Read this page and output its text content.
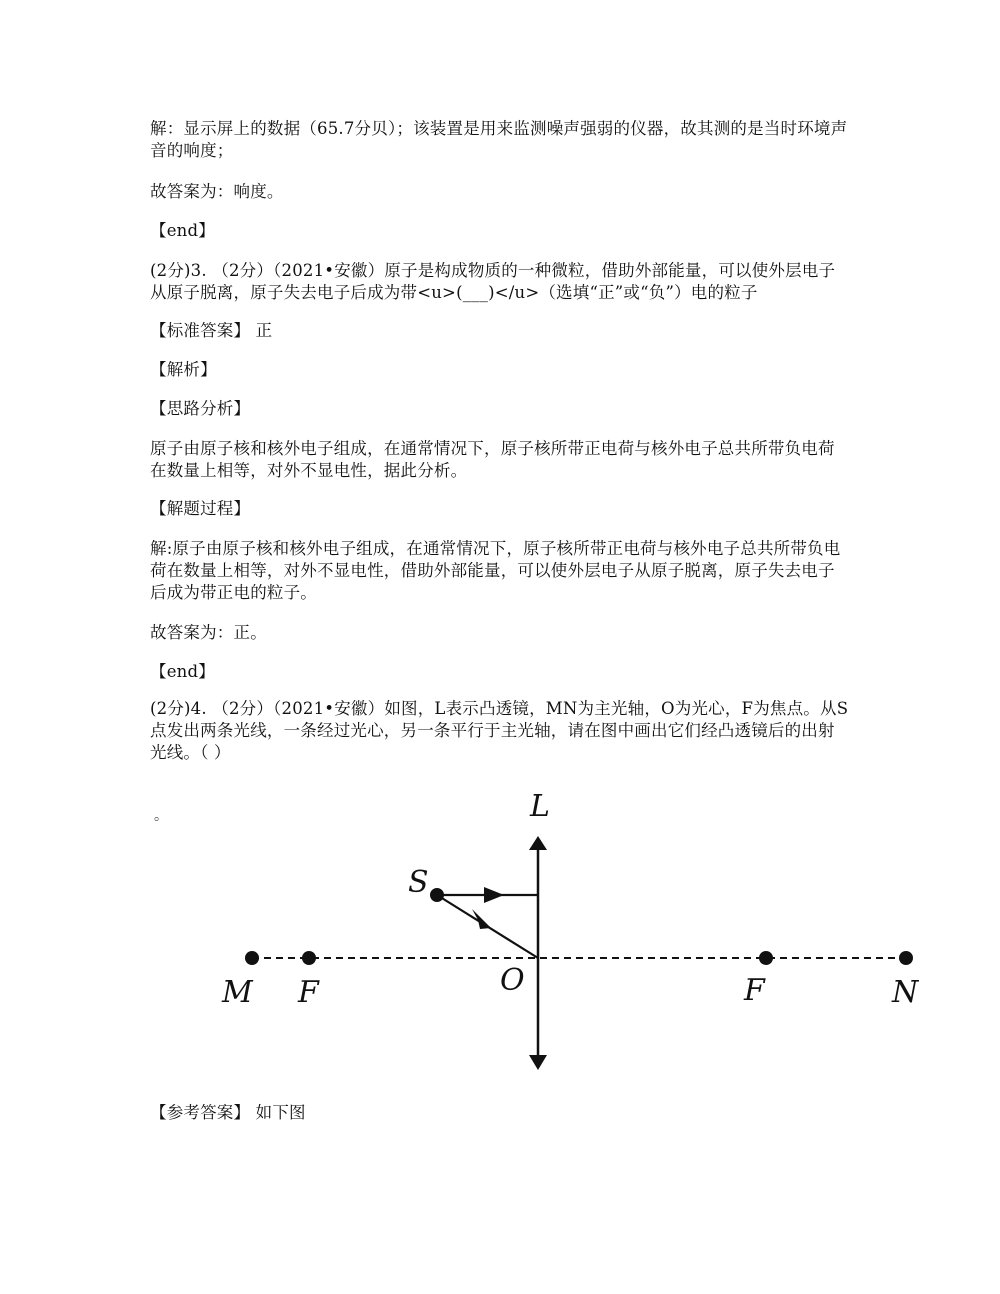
解：显示屏上的数据（65.7分贝）；该装置是用来监测噪声强弱的仪器，故其测的是当时环境声音的响度；

故答案为：响度。

【end】

(2分)3. （2分）（2021•安徽）原子是构成物质的一种微粒，借助外部能量，可以使外层电子从原子脱离，原子失去电子后成为带<u>(___)</u>（选填“正”或“负”）电的粒子

【标准答案】 正

【解析】

【思路分析】

原子由原子核和核外电子组成，在通常情况下，原子核所带正电荷与核外电子总共所带负电荷在数量上相等，对外不显电性，据此分析。

【解题过程】

解:原子由原子核和核外电子组成，在通常情况下，原子核所带正电荷与核外电子总共所带负电荷在数量上相等，对外不显电性，借助外部能量，可以使外层电子从原子脱离，原子失去电子后成为带正电的粒子。

故答案为：正。

【end】

(2分)4. （2分）（2021•安徽）如图，L表示凸透镜，MN为主光轴，O为光心，F为焦点。从S点发出两条光线，一条经过光心，另一条平行于主光轴，请在图中画出它们经凸透镜后的出射光线。（ ）

。	L
S
M F	O	F	N

【参考答案】 如下图
